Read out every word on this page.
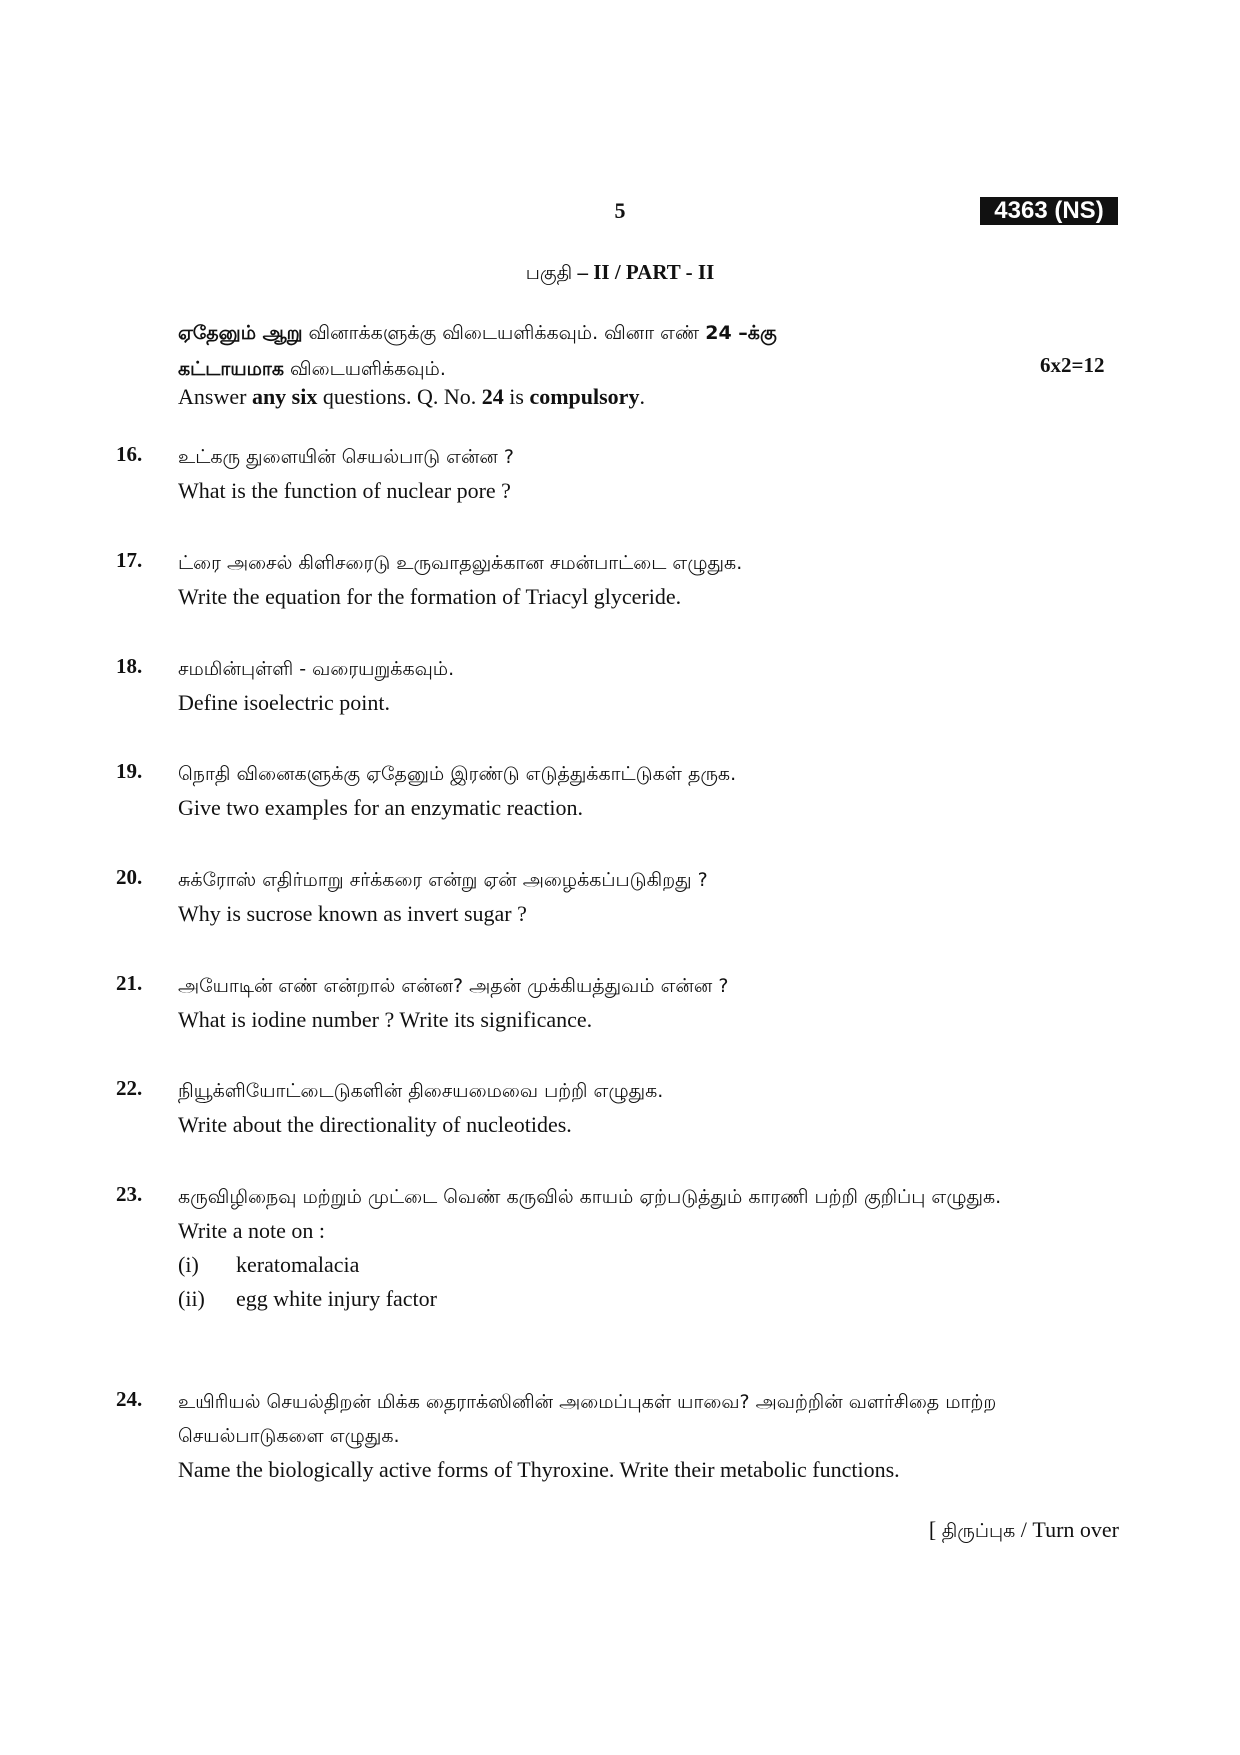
5	4363 (NS)
பகுதி – II / PART - II
ஏதேனும் ஆறு வினாக்களுக்கு விடையளிக்கவும். வினா எண் 24 –க்கு
கட்டாயமாக விடையளிக்கவும்.	6x2=12
Answer any six questions. Q. No. 24 is compulsory.
16. உட்கரு துளையின் செயல்பாடு என்ன ?
What is the function of nuclear pore ?
17. ட்ரை அசைல் கிளிசரைடு உருவாதலுக்கான சமன்பாட்டை எழுதுக.
Write the equation for the formation of Triacyl glyceride.
18. சமமின்புள்ளி - வரையறுக்கவும்.
Define isoelectric point.
19. நொதி வினைகளுக்கு ஏதேனும் இரண்டு எடுத்துக்காட்டுகள் தருக.
Give two examples for an enzymatic reaction.
20. சுக்ரோஸ் எதிர்மாறு சர்க்கரை என்று ஏன் அழைக்கப்படுகிறது ?
Why is sucrose known as invert sugar ?
21. அயோடின் எண் என்றால் என்ன? அதன் முக்கியத்துவம் என்ன ?
What is iodine number ? Write its significance.
22. நியூக்ளியோட்டைடுகளின் திசையமைவை பற்றி எழுதுக.
Write about the directionality of nucleotides.
23. கருவிழிநைவு மற்றும் முட்டை வெண் கருவில் காயம் ஏற்படுத்தும் காரணி பற்றி குறிப்பு எழுதுக.
Write a note on :
(i) keratomalacia
(ii) egg white injury factor
24. உயிரியல் செயல்திறன் மிக்க தைராக்ஸினின் அமைப்புகள் யாவை? அவற்றின் வளர்சிதை மாற்ற செயல்பாடுகளை எழுதுக.
Name the biologically active forms of Thyroxine. Write their metabolic functions.
[ திருப்புக / Turn over
